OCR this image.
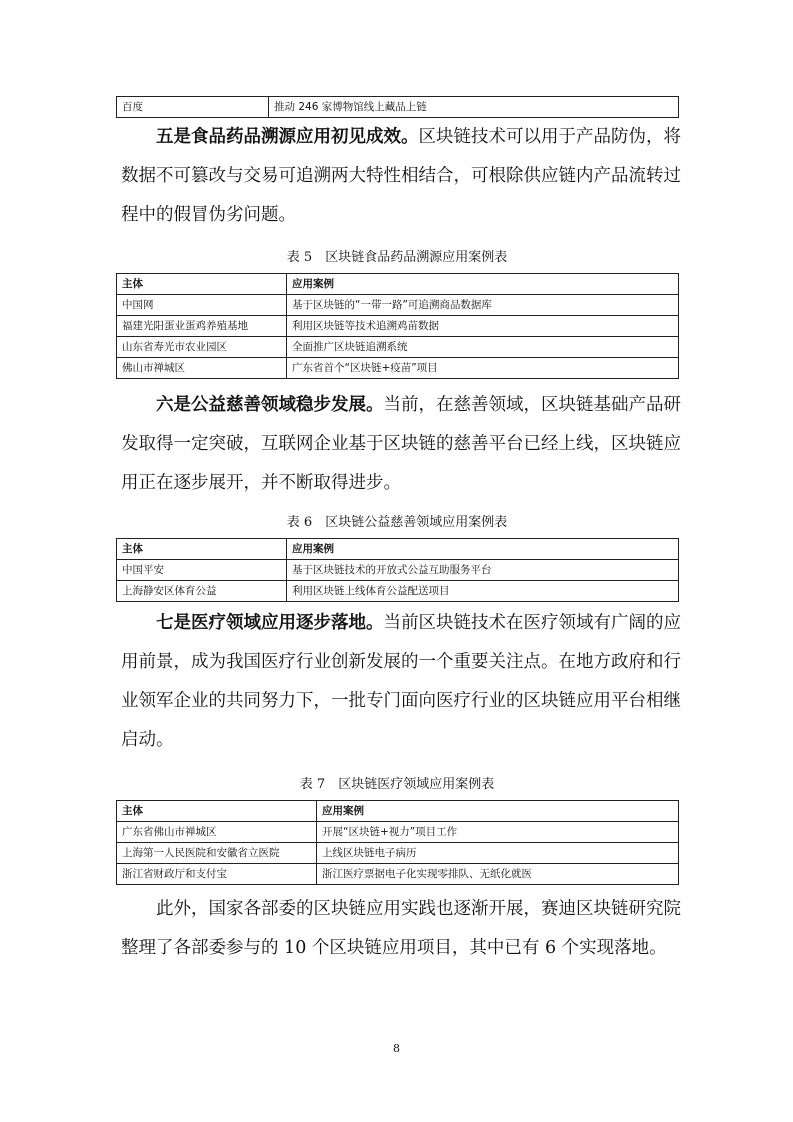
百度	推动 246 家博物馆线上藏品上链

五是食品药品溯源应用初见成效。区块链技术可以用于产品防伪，将数据不可篡改与交易可追溯两大特性相结合，可根除供应链内产品流转过程中的假冒伪劣问题。

表 5　区块链食品药品溯源应用案例表
主体	应用案例
中国网	基于区块链的“一带一路”可追溯商品数据库
福建光阳蛋业蛋鸡养殖基地	利用区块链等技术追溯鸡苗数据
山东省寿光市农业园区	全面推广区块链追溯系统
佛山市禅城区	广东省首个“区块链+疫苗”项目

六是公益慈善领域稳步发展。当前，在慈善领域，区块链基础产品研发取得一定突破，互联网企业基于区块链的慈善平台已经上线，区块链应用正在逐步展开，并不断取得进步。

表 6　区块链公益慈善领域应用案例表
主体	应用案例
中国平安	基于区块链技术的开放式公益互助服务平台
上海静安区体育公益	利用区块链上线体育公益配送项目

七是医疗领域应用逐步落地。当前区块链技术在医疗领域有广阔的应用前景，成为我国医疗行业创新发展的一个重要关注点。在地方政府和行业领军企业的共同努力下，一批专门面向医疗行业的区块链应用平台相继启动。

表 7　区块链医疗领域应用案例表
主体	应用案例
广东省佛山市禅城区	开展“区块链+视力”项目工作
上海第一人民医院和安徽省立医院	上线区块链电子病历
浙江省财政厅和支付宝	浙江医疗票据电子化实现零排队、无纸化就医

此外，国家各部委的区块链应用实践也逐渐开展，赛迪区块链研究院整理了各部委参与的 10 个区块链应用项目，其中已有 6 个实现落地。

8
